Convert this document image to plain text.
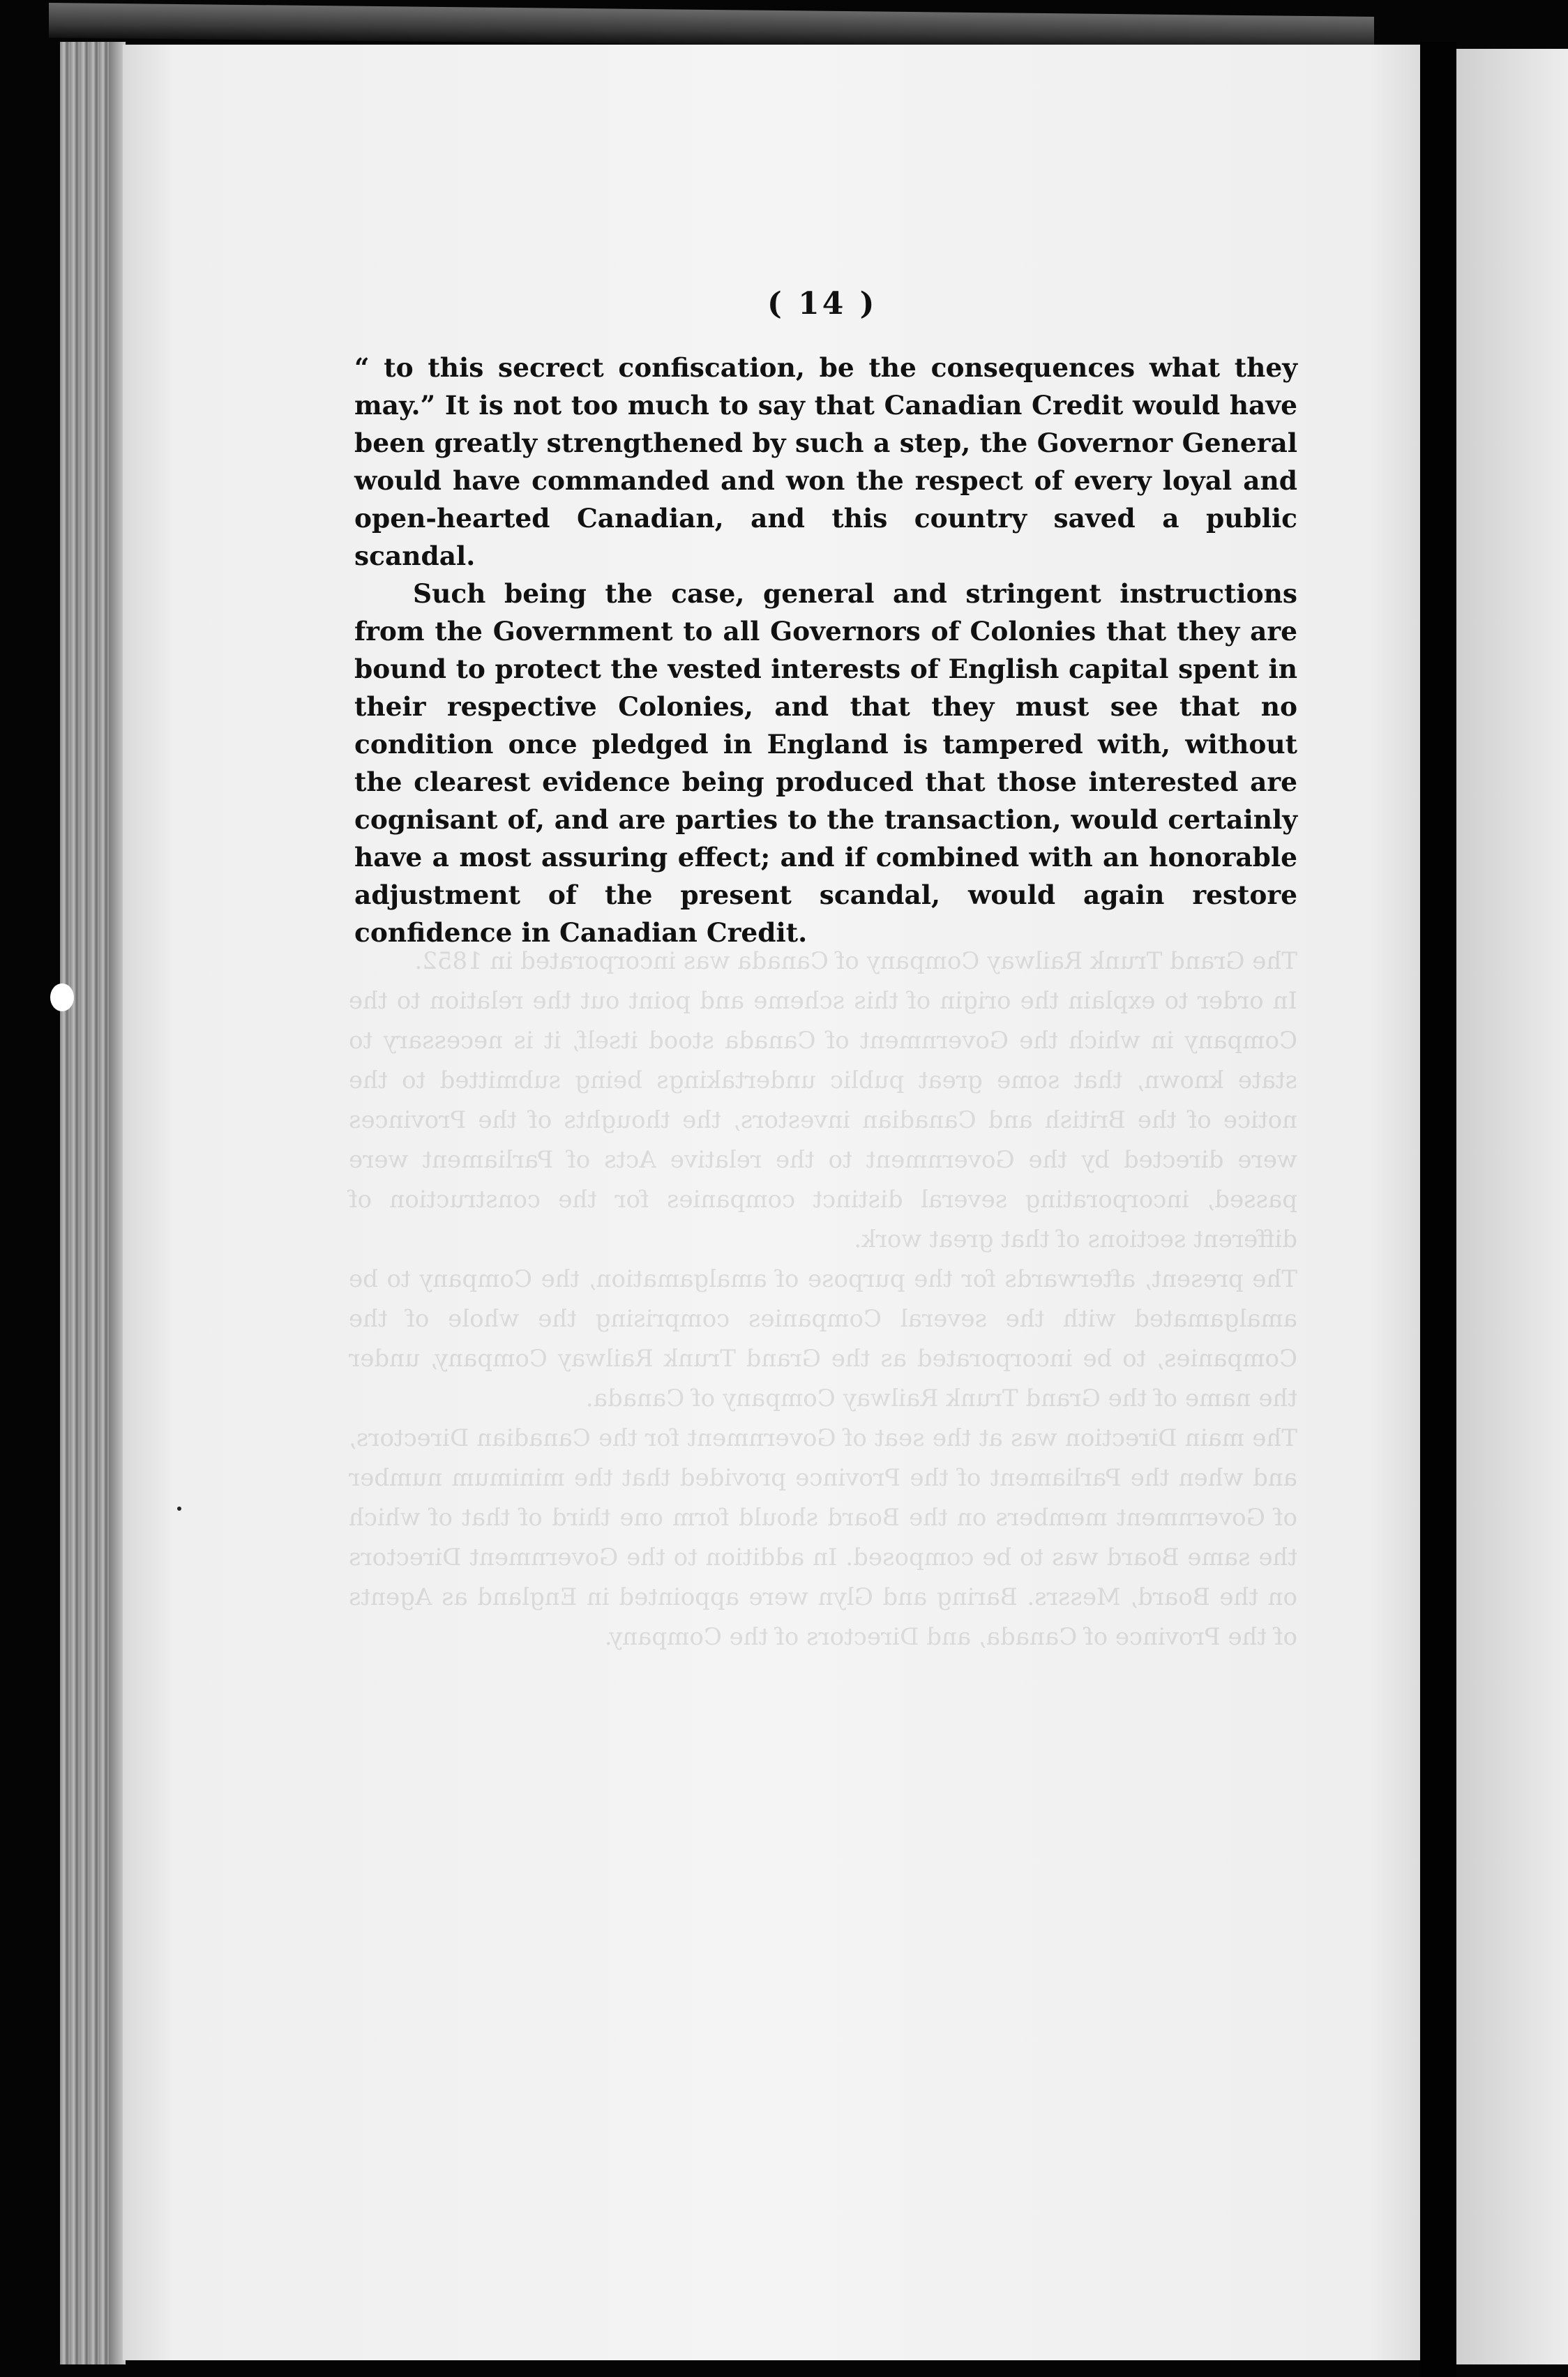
The Grand Trunk Railway Company of Canada was incorporated in 1852.

In order to explain the origin of this scheme and point out the relation to the Company in which the Government of Canada stood itself, it is necessary to state known, that some great public undertakings being submitted to the notice of the British and Canadian investors, the thoughts of the Provinces were directed by the Government to the relative Acts of Parliament were passed, incorporating several distinct companies for the construction of different sections of that great work.

The present, afterwards for the purpose of amalgamation, the Company to be amalgamated with the several Companies comprising the whole of the Companies, to be incorporated as the Grand Trunk Railway Company, under the name of the Grand Trunk Railway Company of Canada.

The main Direction was at the seat of Government for the Canadian Directors, and when the Parliament of the Province provided that the minimum number of Government members on the Board should form one third of that of which the same Board was to be composed. In addition to the Government Directors on the Board, Messrs. Baring and Glyn were appointed in England as Agents of the Province of Canada, and Directors of the Company.

( 14 )

“ to this secrect confiscation, be the consequences what they may.” It is not too much to say that Canadian Credit would have been greatly strengthened by such a step, the Governor General would have commanded and won the respect of every loyal and open-hearted Canadian, and this country saved a public scandal.

Such being the case, general and stringent instructions from the Government to all Governors of Colonies that they are bound to protect the vested interests of English capital spent in their respective Colonies, and that they must see that no condition once pledged in England is tampered with, without the clearest evidence being produced that those interested are cognisant of, and are parties to the transaction, would certainly have a most assuring effect; and if combined with an honorable adjustment of the present scandal, would again restore confidence in Canadian Credit.
